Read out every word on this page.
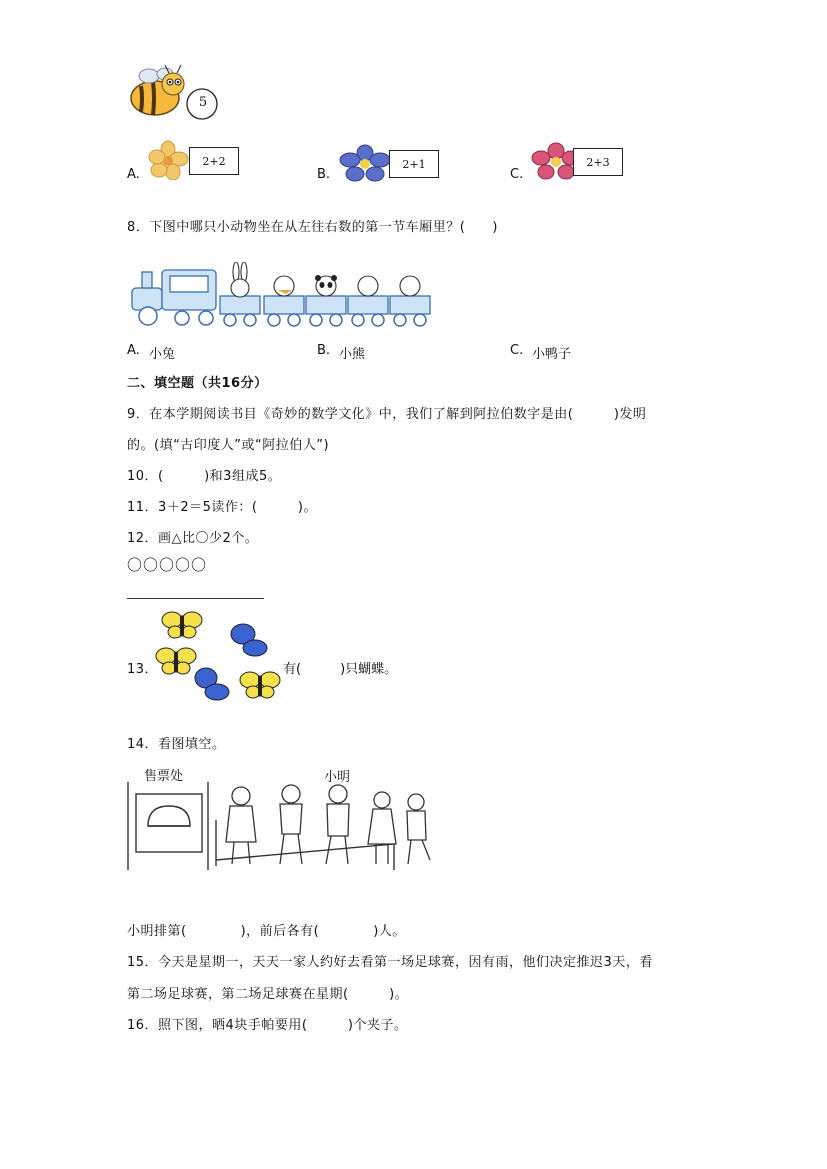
5
A.
2+2
B.
2+1
C.
2+3
8．下图中哪只小动物坐在从左往右数的第一节车厢里？(　　)
A. 小兔	B. 小熊	C. 小鸭子
二、填空题（共16分）
9．在本学期阅读书目《奇妙的数学文化》中，我们了解到阿拉伯数字是由(　　　)发明
的。(填“古印度人”或“阿拉伯人”)
10．(　　　)和3组成5。
11．3＋2＝5读作：(　　　)。
12．画△比〇少2个。
〇〇〇〇〇
13．	有(　　　)只蝴蝶。
14．看图填空。
售票处	小明
小明排第(　　　　)，前后各有(　　　　)人。
15．今天是星期一，天天一家人约好去看第一场足球赛，因有雨，他们决定推迟3天，看
第二场足球赛，第二场足球赛在星期(　　　)。
16．照下图，晒4块手帕要用(　　　)个夹子。
